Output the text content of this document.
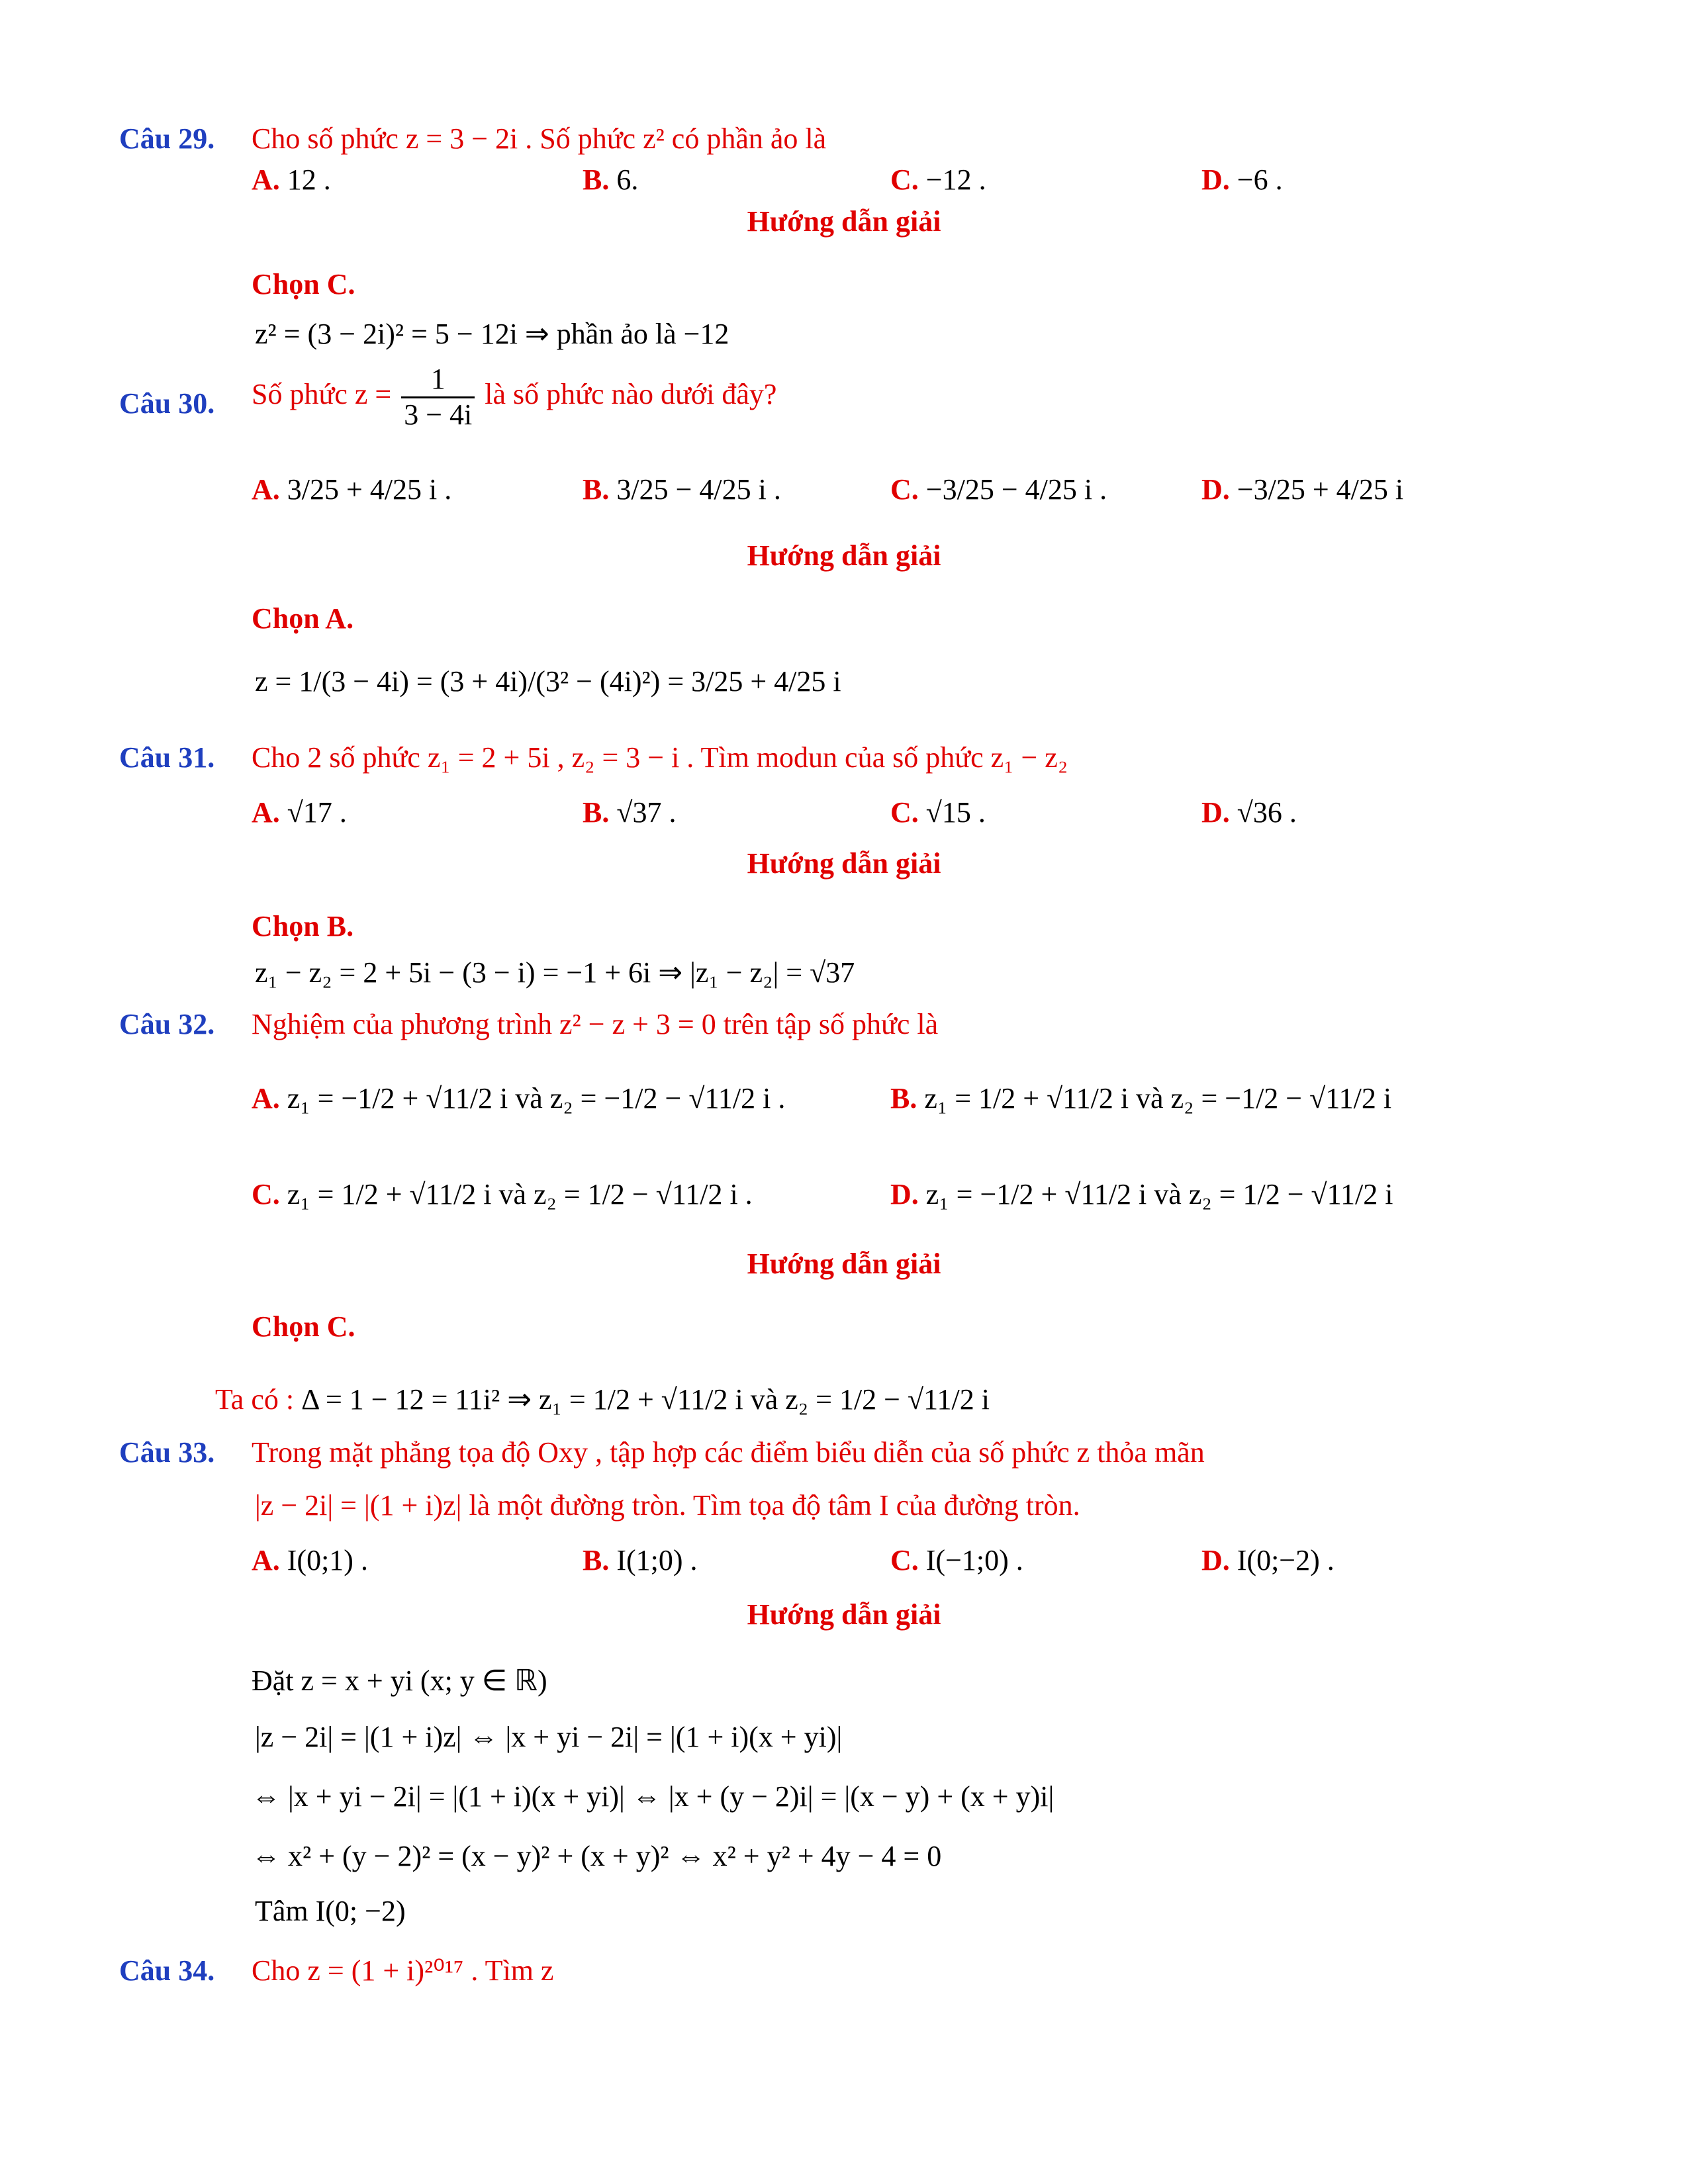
Câu 29. Cho số phức z = 3 − 2i . Số phức z² có phần ảo là
A. 12 .	B. 6.	C. −12 .	D. −6 .
Hướng dẫn giải
Chọn C.
z² = (3 − 2i)² = 5 − 12i ⇒ phần ảo là −12
Câu 30. Số phức $z = \frac{1}{3 - 4i}$ là số phức nào dưới đây?
A. 3/25 + 4/25 i .	B. 3/25 − 4/25 i .	C. −3/25 − 4/25 i .	D. −3/25 + 4/25 i
Hướng dẫn giải
Chọn A.
z = 1/(3 − 4i) = (3 + 4i)/(3² − (4i)²) = 3/25 + 4/25 i
Câu 31. Cho 2 số phức z₁ = 2 + 5i , z₂ = 3 − i . Tìm modun của số phức z₁ − z₂
A. √17 .	B. √37 .	C. √15 .	D. √36 .
Hướng dẫn giải
Chọn B.
z₁ − z₂ = 2 + 5i − (3 − i) = −1 + 6i ⇒ |z₁ − z₂| = √37
Câu 32. Nghiệm của phương trình z² − z + 3 = 0 trên tập số phức là
A. z₁ = −1/2 + √11/2 i và z₂ = −1/2 − √11/2 i .	B. z₁ = 1/2 + √11/2 i và z₂ = −1/2 − √11/2 i
C. z₁ = 1/2 + √11/2 i và z₂ = 1/2 − √11/2 i .	D. z₁ = −1/2 + √11/2 i và z₂ = 1/2 − √11/2 i
Hướng dẫn giải
Chọn C.
Ta có : Δ = 1 − 12 = 11i² ⇒ z₁ = 1/2 + √11/2 i và z₂ = 1/2 − √11/2 i
Câu 33. Trong mặt phẳng tọa độ Oxy , tập hợp các điểm biểu diễn của số phức z thỏa mãn
|z − 2i| = |(1 + i)z| là một đường tròn. Tìm tọa độ tâm I của đường tròn.
A. I(0;1) .	B. I(1;0) .	C. I(−1;0) .	D. I(0;−2) .
Hướng dẫn giải
Đặt z = x + yi (x; y ∈ ℝ)
|z − 2i| = |(1 + i)z| ⇔ |x + yi − 2i| = |(1 + i)(x + yi)|
⇔ |x + yi − 2i| = |(1 + i)(x + yi)| ⇔ |x + (y − 2)i| = |(x − y) + (x + y)i|
⇔ x² + (y − 2)² = (x − y)² + (x + y)² ⇔ x² + y² + 4y − 4 = 0
Tâm I(0; −2)
Câu 34. Cho z = (1 + i)²⁰¹⁷ . Tìm z
